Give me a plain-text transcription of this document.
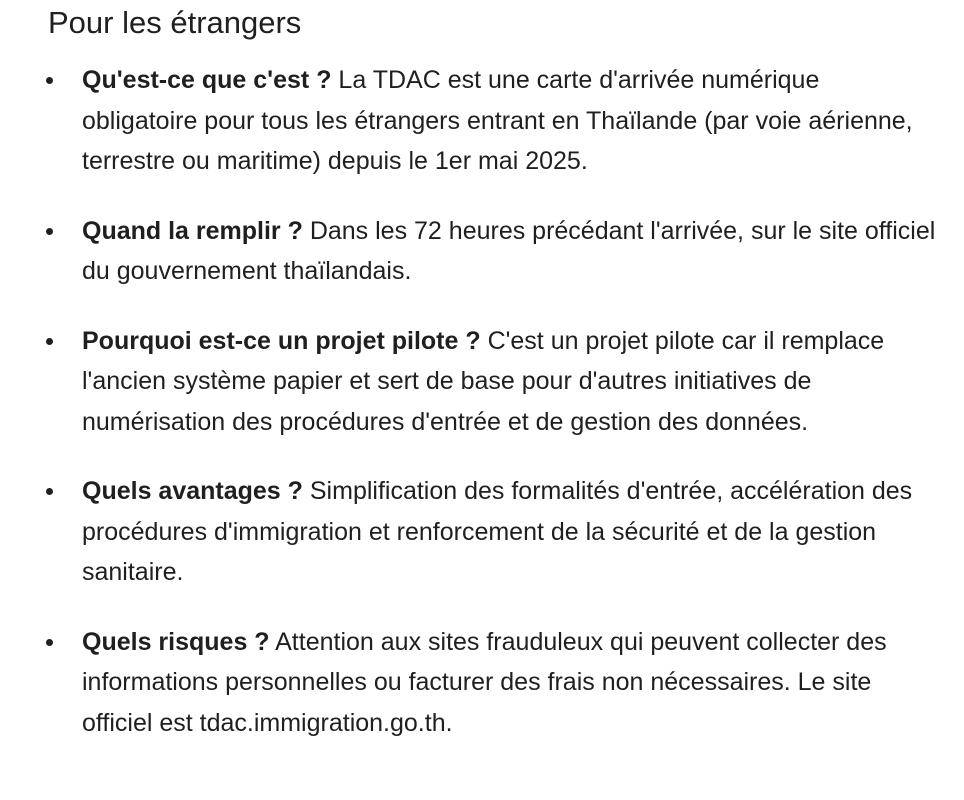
Pour les étrangers

Qu'est-ce que c'est ? La TDAC est une carte d'arrivée numérique obligatoire pour tous les étrangers entrant en Thaïlande (par voie aérienne, terrestre ou maritime) depuis le 1er mai 2025.

Quand la remplir ? Dans les 72 heures précédant l'arrivée, sur le site officiel du gouvernement thaïlandais.

Pourquoi est-ce un projet pilote ? C'est un projet pilote car il remplace l'ancien système papier et sert de base pour d'autres initiatives de numérisation des procédures d'entrée et de gestion des données.

Quels avantages ? Simplification des formalités d'entrée, accélération des procédures d'immigration et renforcement de la sécurité et de la gestion sanitaire.

Quels risques ? Attention aux sites frauduleux qui peuvent collecter des informations personnelles ou facturer des frais non nécessaires. Le site officiel est tdac.immigration.go.th.
